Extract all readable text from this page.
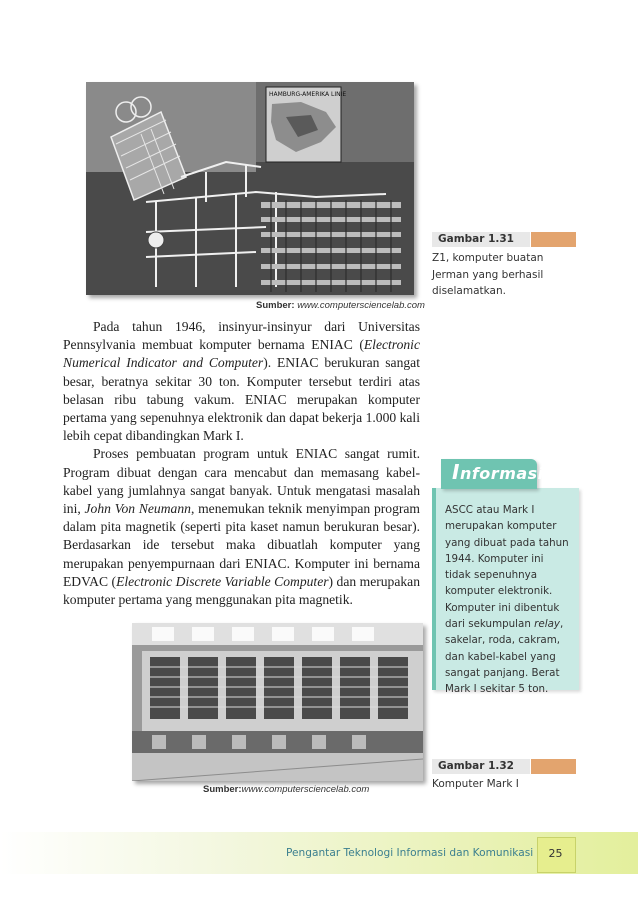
HAMBURG-AMERIKA LINIE
Sumber: www.computersciencelab.com
Gambar 1.31
Z1, komputer buatan
Jerman yang berhasil
diselamatkan.

Pada tahun 1946, insinyur-insinyur dari Universitas Pennsylvania membuat komputer bernama ENIAC (Electronic Numerical Indicator and Computer). ENIAC berukuran sangat besar, beratnya sekitar 30 ton. Komputer tersebut terdiri atas belasan ribu tabung vakum. ENIAC merupakan komputer pertama yang sepenuhnya elektronik dan dapat bekerja 1.000 kali lebih cepat dibandingkan Mark I.

Proses pembuatan program untuk ENIAC sangat rumit. Program dibuat dengan cara mencabut dan memasang kabel-kabel yang jumlahnya sangat banyak. Untuk mengatasi masalah ini, John Von Neumann, menemukan teknik menyimpan program dalam pita magnetik (seperti pita kaset namun berukuran besar). Berdasarkan ide tersebut maka dibuatlah komputer yang merupakan penyempurnaan dari ENIAC. Komputer ini bernama EDVAC (Electronic Discrete Variable Computer) dan merupakan komputer pertama yang menggunakan pita magnetik.

Informasi
ASCC atau Mark I merupakan komputer yang dibuat pada tahun 1944. Komputer ini tidak sepenuhnya komputer elektronik. Komputer ini dibentuk dari sekumpulan relay, sakelar, roda, cakram, dan kabel-kabel yang sangat panjang. Berat Mark I sekitar 5 ton.
Sumber:www.computersciencelab.com
Gambar 1.32
Komputer Mark I
Pengantar Teknologi Informasi dan Komunikasi	25
